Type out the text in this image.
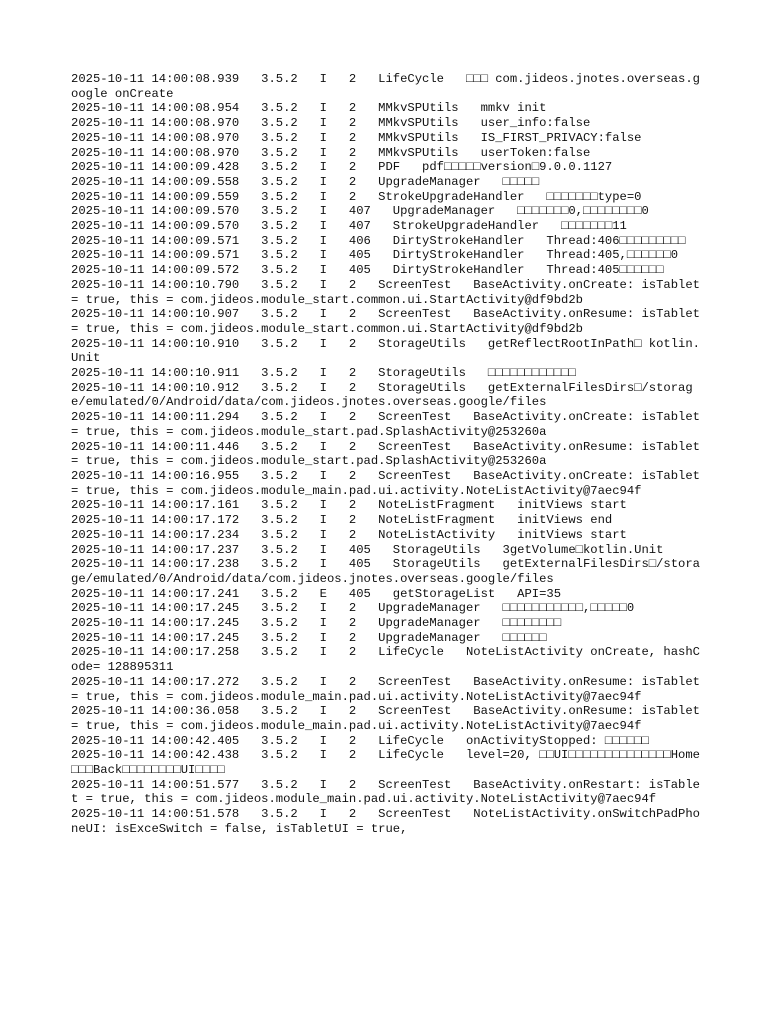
2025-10-11 14:00:08.939   3.5.2   I   2   LifeCycle   □□□ com.jideos.jnotes.overseas.google onCreate
2025-10-11 14:00:08.954   3.5.2   I   2   MMkvSPUtils   mmkv init
2025-10-11 14:00:08.970   3.5.2   I   2   MMkvSPUtils   user_info:false
2025-10-11 14:00:08.970   3.5.2   I   2   MMkvSPUtils   IS_FIRST_PRIVACY:false
2025-10-11 14:00:08.970   3.5.2   I   2   MMkvSPUtils   userToken:false
2025-10-11 14:00:09.428   3.5.2   I   2   PDF   pdf□□□□□version□9.0.0.1127
2025-10-11 14:00:09.558   3.5.2   I   2   UpgradeManager   □□□□□
2025-10-11 14:00:09.559   3.5.2   I   2   StrokeUpgradeHandler   □□□□□□□type=0
2025-10-11 14:00:09.570   3.5.2   I   407   UpgradeManager   □□□□□□□0,□□□□□□□□0
2025-10-11 14:00:09.570   3.5.2   I   407   StrokeUpgradeHandler   □□□□□□□11
2025-10-11 14:00:09.571   3.5.2   I   406   DirtyStrokeHandler   Thread:406□□□□□□□□□
2025-10-11 14:00:09.571   3.5.2   I   405   DirtyStrokeHandler   Thread:405,□□□□□□0
2025-10-11 14:00:09.572   3.5.2   I   405   DirtyStrokeHandler   Thread:405□□□□□□
2025-10-11 14:00:10.790   3.5.2   I   2   ScreenTest   BaseActivity.onCreate: isTablet = true, this = com.jideos.module_start.common.ui.StartActivity@df9bd2b
2025-10-11 14:00:10.907   3.5.2   I   2   ScreenTest   BaseActivity.onResume: isTablet = true, this = com.jideos.module_start.common.ui.StartActivity@df9bd2b
2025-10-11 14:00:10.910   3.5.2   I   2   StorageUtils   getReflectRootInPath□ kotlin.Unit
2025-10-11 14:00:10.911   3.5.2   I   2   StorageUtils   □□□□□□□□□□□□
2025-10-11 14:00:10.912   3.5.2   I   2   StorageUtils   getExternalFilesDirs□/storage/emulated/0/Android/data/com.jideos.jnotes.overseas.google/files
2025-10-11 14:00:11.294   3.5.2   I   2   ScreenTest   BaseActivity.onCreate: isTablet = true, this = com.jideos.module_start.pad.SplashActivity@253260a
2025-10-11 14:00:11.446   3.5.2   I   2   ScreenTest   BaseActivity.onResume: isTablet = true, this = com.jideos.module_start.pad.SplashActivity@253260a
2025-10-11 14:00:16.955   3.5.2   I   2   ScreenTest   BaseActivity.onCreate: isTablet = true, this = com.jideos.module_main.pad.ui.activity.NoteListActivity@7aec94f
2025-10-11 14:00:17.161   3.5.2   I   2   NoteListFragment   initViews start
2025-10-11 14:00:17.172   3.5.2   I   2   NoteListFragment   initViews end
2025-10-11 14:00:17.234   3.5.2   I   2   NoteListActivity   initViews start
2025-10-11 14:00:17.237   3.5.2   I   405   StorageUtils   3getVolume□kotlin.Unit
2025-10-11 14:00:17.238   3.5.2   I   405   StorageUtils   getExternalFilesDirs□/storage/emulated/0/Android/data/com.jideos.jnotes.overseas.google/files
2025-10-11 14:00:17.241   3.5.2   E   405   getStorageList   API=35
2025-10-11 14:00:17.245   3.5.2   I   2   UpgradeManager   □□□□□□□□□□□,□□□□□0
2025-10-11 14:00:17.245   3.5.2   I   2   UpgradeManager   □□□□□□□□
2025-10-11 14:00:17.245   3.5.2   I   2   UpgradeManager   □□□□□□
2025-10-11 14:00:17.258   3.5.2   I   2   LifeCycle   NoteListActivity onCreate, hashCode= 128895311
2025-10-11 14:00:17.272   3.5.2   I   2   ScreenTest   BaseActivity.onResume: isTablet = true, this = com.jideos.module_main.pad.ui.activity.NoteListActivity@7aec94f
2025-10-11 14:00:36.058   3.5.2   I   2   ScreenTest   BaseActivity.onResume: isTablet = true, this = com.jideos.module_main.pad.ui.activity.NoteListActivity@7aec94f
2025-10-11 14:00:42.405   3.5.2   I   2   LifeCycle   onActivityStopped: □□□□□□
2025-10-11 14:00:42.438   3.5.2   I   2   LifeCycle   level=20, □□UI□□□□□□□□□□□□□□Home□□□Back□□□□□□□□UI□□□□
2025-10-11 14:00:51.577   3.5.2   I   2   ScreenTest   BaseActivity.onRestart: isTablet = true, this = com.jideos.module_main.pad.ui.activity.NoteListActivity@7aec94f
2025-10-11 14:00:51.578   3.5.2   I   2   ScreenTest   NoteListActivity.onSwitchPadPhoneUI: isExceSwitch = false, isTabletUI = true,
